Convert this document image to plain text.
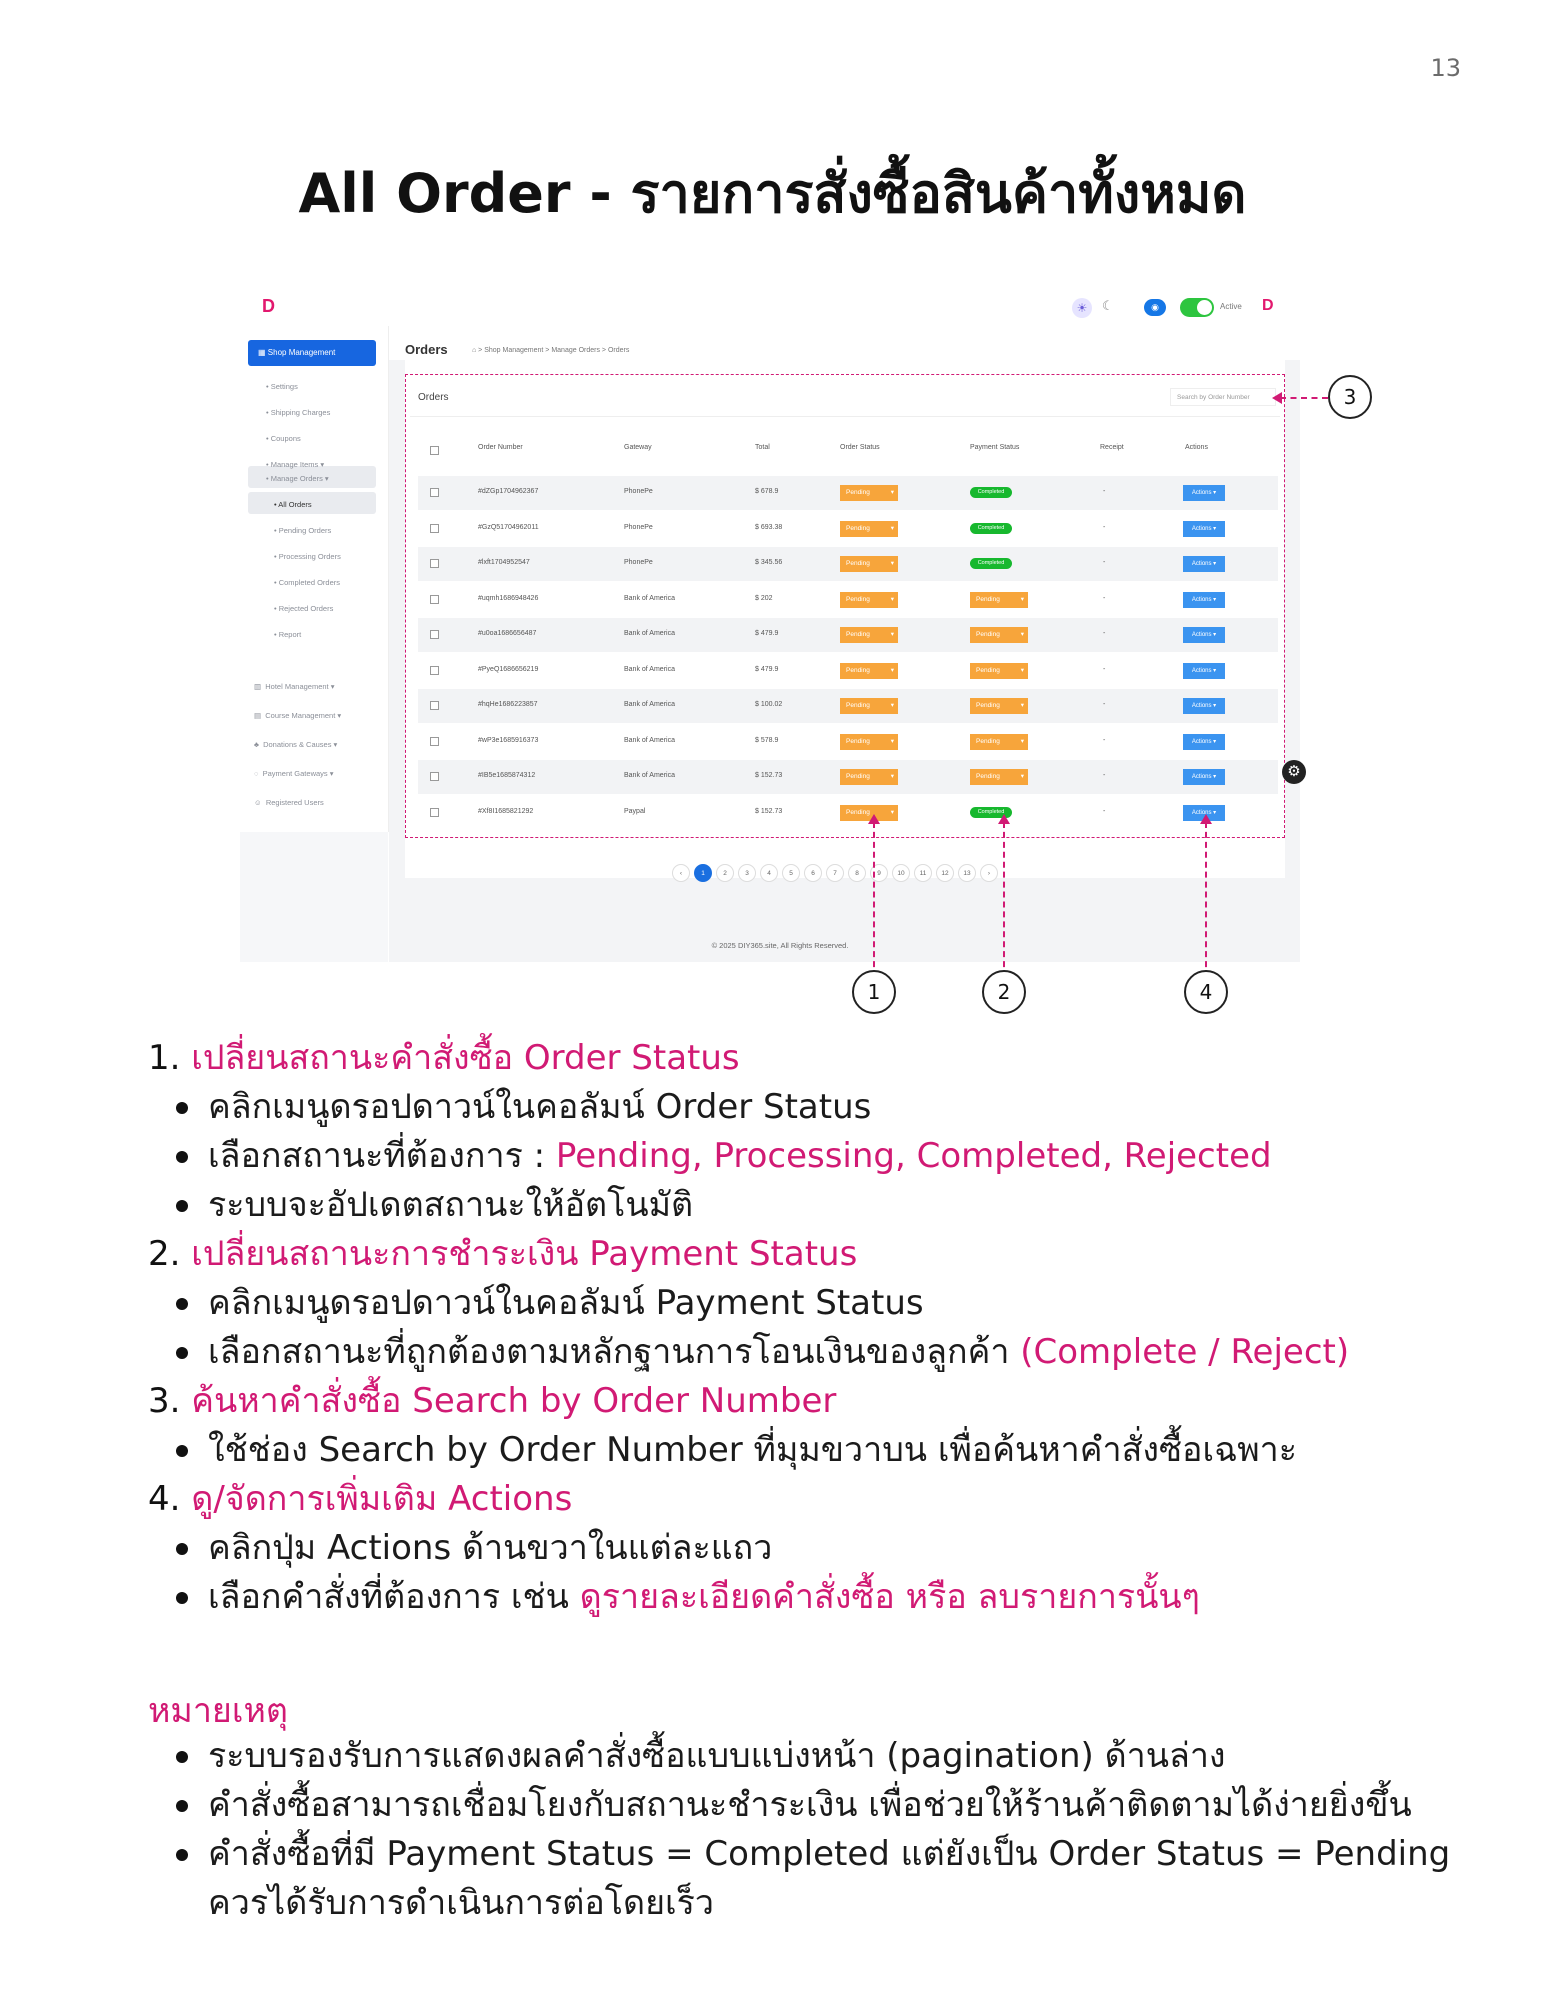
13
All Order - รายการสั่งซื้อสินค้าทั้งหมด
D	☀	☾	◉	Active D
▦ Shop Management
• Settings
• Shipping Charges
• Coupons
• Manage Items ▾
• Manage Orders ▾
• All Orders
• Pending Orders
• Processing Orders
• Completed Orders
• Rejected Orders
• Report
▥  Hotel Management ▾
▤  Course Management ▾
♣  Donations & Causes ▾
◌  Payment Gateways ▾
☺  Registered Users
Orders	⌂ > Shop Management > Manage Orders > Orders
Orders	Search by Order Number
Order Number	Gateway	Total	Order Status	Payment Status	Receipt	Actions
‹	1	2	3	4	5	6	7	8	9	10	11	12	13	›
© 2025 DIY365.site, All Rights Reserved.
#dZGp1704962367	PhonePe	$ 678.9	Pending ▾	Completed	-	Actions ▾
#GzQ51704962011	PhonePe	$ 693.38	Pending ▾	Completed	-	Actions ▾
#lxft1704952547	PhonePe	$ 345.56	Pending ▾	Completed	-	Actions ▾
#uqmh1686948426	Bank of America	$ 202	Pending ▾	Pending ▾	-	Actions ▾
#u0oa1686656487	Bank of America	$ 479.9	Pending ▾	Pending ▾	-	Actions ▾
#PyeQ1686656219	Bank of America	$ 479.9	Pending ▾	Pending ▾	-	Actions ▾
#hqHe1686223857	Bank of America	$ 100.02	Pending ▾	Pending ▾	-	Actions ▾
#wP3e1685916373	Bank of America	$ 578.9	Pending ▾	Pending ▾	-	Actions ▾
#IB5e1685874312	Bank of America	$ 152.73	Pending ▾	Pending ▾	-	Actions ▾
#Xf8I1685821292	Paypal	$ 152.73	Pending ▾	Completed	-	Actions ▾
⚙
3
1	2	4
1. เปลี่ยนสถานะคำสั่งซื้อ Order Status
คลิกเมนูดรอปดาวน์ในคอลัมน์ Order Status
เลือกสถานะที่ต้องการ : Pending, Processing, Completed, Rejected
ระบบจะอัปเดตสถานะให้อัตโนมัติ
2. เปลี่ยนสถานะการชำระเงิน Payment Status
คลิกเมนูดรอปดาวน์ในคอลัมน์ Payment Status
เลือกสถานะที่ถูกต้องตามหลักฐานการโอนเงินของลูกค้า (Complete / Reject)
3. ค้นหาคำสั่งซื้อ Search by Order Number
ใช้ช่อง Search by Order Number ที่มุมขวาบน เพื่อค้นหาคำสั่งซื้อเฉพาะ
4. ดู/จัดการเพิ่มเติม Actions
คลิกปุ่ม Actions ด้านขวาในแต่ละแถว
เลือกคำสั่งที่ต้องการ เช่น ดูรายละเอียดคำสั่งซื้อ หรือ ลบรายการนั้นๆ
หมายเหตุ
ระบบรองรับการแสดงผลคำสั่งซื้อแบบแบ่งหน้า (pagination) ด้านล่าง
คำสั่งซื้อสามารถเชื่อมโยงกับสถานะชำระเงิน เพื่อช่วยให้ร้านค้าติดตามได้ง่ายยิ่งขึ้น
คำสั่งซื้อที่มี Payment Status = Completed แต่ยังเป็น Order Status = Pending ควรได้รับการดำเนินการต่อโดยเร็ว
